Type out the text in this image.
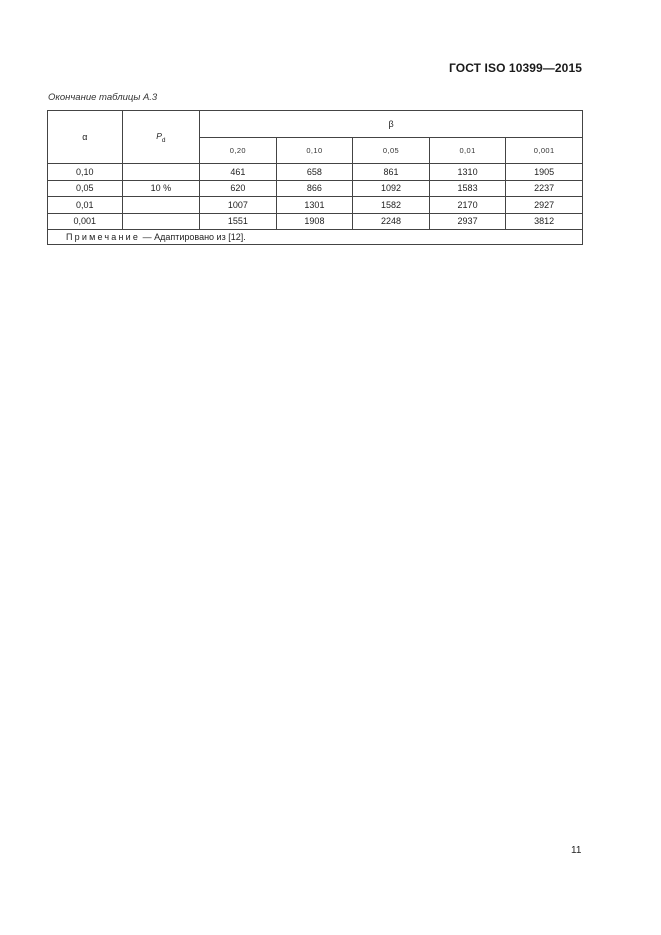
ГОСТ ISO 10399—2015
Окончание таблицы А.3
α	$P_d$	β				
		0,20	0,10	0,05	0,01	0,001
0,10		461	658	861	1310	1905
0,05	10 %	620	866	1092	1583	2237
0,01		1007	1301	1582	2170	2927
0,001		1551	1908	2248	2937	3812
Примечание — Адаптировано из [12].						
11
